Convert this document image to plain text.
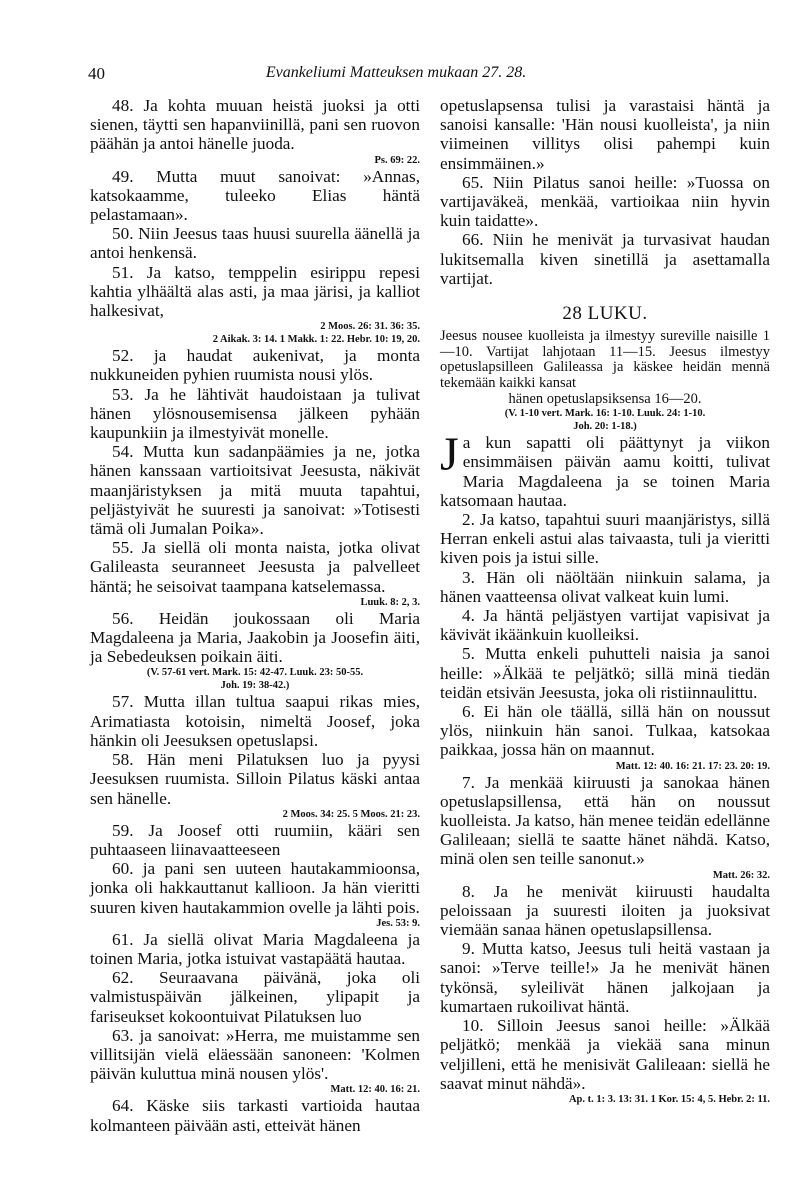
40	Evankeliumi Matteuksen mukaan 27. 28.

48. Ja kohta muuan heistä juoksi ja otti sienen, täytti sen hapanviinillä, pani sen ruovon päähän ja antoi hänelle juoda.

Ps. 69: 22.

49. Mutta muut sanoivat: »Annas, katsokaamme, tuleeko Elias häntä pelastamaan».

50. Niin Jeesus taas huusi suurella äänellä ja antoi henkensä.

51. Ja katso, temppelin esirippu repesi kahtia ylhäältä alas asti, ja maa järisi, ja kalliot halkesivat,

2 Moos. 26: 31. 36: 35.

2 Aikak. 3: 14. 1 Makk. 1: 22. Hebr. 10: 19, 20.

52. ja haudat aukenivat, ja monta nukkuneiden pyhien ruumista nousi ylös.

53. Ja he lähtivät haudoistaan ja tulivat hänen ylösnousemisensa jälkeen pyhään kaupunkiin ja ilmestyivät monelle.

54. Mutta kun sadanpäämies ja ne, jotka hänen kanssaan vartioitsivat Jeesusta, näkivät maanjäristyksen ja mitä muuta tapahtui, peljästyivät he suuresti ja sanoivat: »Totisesti tämä oli Jumalan Poika».

55. Ja siellä oli monta naista, jotka olivat Galileasta seuranneet Jeesusta ja palvelleet häntä; he seisoivat taampana katselemassa.

Luuk. 8: 2, 3.

56. Heidän joukossaan oli Maria Magdaleena ja Maria, Jaakobin ja Joosefin äiti, ja Sebedeuksen poikain äiti.

(V. 57-61 vert. Mark. 15: 42-47. Luuk. 23: 50-55.

Joh. 19: 38-42.)

57. Mutta illan tultua saapui rikas mies, Arimatiasta kotoisin, nimeltä Joosef, joka hänkin oli Jeesuksen opetuslapsi.

58. Hän meni Pilatuksen luo ja pyysi Jeesuksen ruumista. Silloin Pilatus käski antaa sen hänelle.

2 Moos. 34: 25. 5 Moos. 21: 23.

59. Ja Joosef otti ruumiin, kääri sen puhtaaseen liinavaatteeseen

60. ja pani sen uuteen hautakammioonsa, jonka oli hakkauttanut kallioon. Ja hän vieritti suuren kiven hautakammion ovelle ja lähti pois.

Jes. 53: 9.

61. Ja siellä olivat Maria Magdaleena ja toinen Maria, jotka istuivat vastapäätä hautaa.

62. Seuraavana päivänä, joka oli valmistuspäivän jälkeinen, ylipapit ja fariseukset kokoontuivat Pilatuksen luo

63. ja sanoivat: »Herra, me muistamme sen villitsijän vielä eläessään sanoneen: 'Kolmen päivän kuluttua minä nousen ylös'.

Matt. 12: 40. 16: 21.

64. Käske siis tarkasti vartioida hautaa kolmanteen päivään asti, etteivät hänen

opetuslapsensa tulisi ja varastaisi häntä ja sanoisi kansalle: 'Hän nousi kuolleista', ja niin viimeinen villitys olisi pahempi kuin ensimmäinen.»

65. Niin Pilatus sanoi heille: »Tuossa on vartijaväkeä, menkää, vartioikaa niin hyvin kuin taidatte».

66. Niin he menivät ja turvasivat haudan lukitsemalla kiven sinetillä ja asettamalla vartijat.

28 LUKU.

Jeesus nousee kuolleista ja ilmestyy sureville naisille 1—10. Vartijat lahjotaan 11—15. Jeesus ilmestyy opetuslapsilleen Galileassa ja käskee heidän mennä tekemään kaikki kansat

hänen opetuslapsiksensa 16—20.

(V. 1-10 vert. Mark. 16: 1-10. Luuk. 24: 1-10.

Joh. 20: 1-18.)

Ja kun sapatti oli päättynyt ja viikon ensimmäisen päivän aamu koitti, tulivat Maria Magdaleena ja se toinen Maria katsomaan hautaa.

2. Ja katso, tapahtui suuri maanjäristys, sillä Herran enkeli astui alas taivaasta, tuli ja vieritti kiven pois ja istui sille.

3. Hän oli näöltään niinkuin salama, ja hänen vaatteensa olivat valkeat kuin lumi.

4. Ja häntä peljästyen vartijat vapisivat ja kävivät ikäänkuin kuolleiksi.

5. Mutta enkeli puhutteli naisia ja sanoi heille: »Älkää te peljätkö; sillä minä tiedän teidän etsivän Jeesusta, joka oli ristiinnaulittu.

6. Ei hän ole täällä, sillä hän on noussut ylös, niinkuin hän sanoi. Tulkaa, katsokaa paikkaa, jossa hän on maannut.

Matt. 12: 40. 16: 21. 17: 23. 20: 19.

7. Ja menkää kiiruusti ja sanokaa hänen opetuslapsillensa, että hän on noussut kuolleista. Ja katso, hän menee teidän edellänne Galileaan; siellä te saatte hänet nähdä. Katso, minä olen sen teille sanonut.»

Matt. 26: 32.

8. Ja he menivät kiiruusti haudalta peloissaan ja suuresti iloiten ja juoksivat viemään sanaa hänen opetuslapsillensa.

9. Mutta katso, Jeesus tuli heitä vastaan ja sanoi: »Terve teille!» Ja he menivät hänen tykönsä, syleilivät hänen jalkojaan ja kumartaen rukoilivat häntä.

10. Silloin Jeesus sanoi heille: »Älkää peljätkö; menkää ja viekää sana minun veljilleni, että he menisivät Galileaan: siellä he saavat minut nähdä».

Ap. t. 1: 3. 13: 31. 1 Kor. 15: 4, 5. Hebr. 2: 11.
